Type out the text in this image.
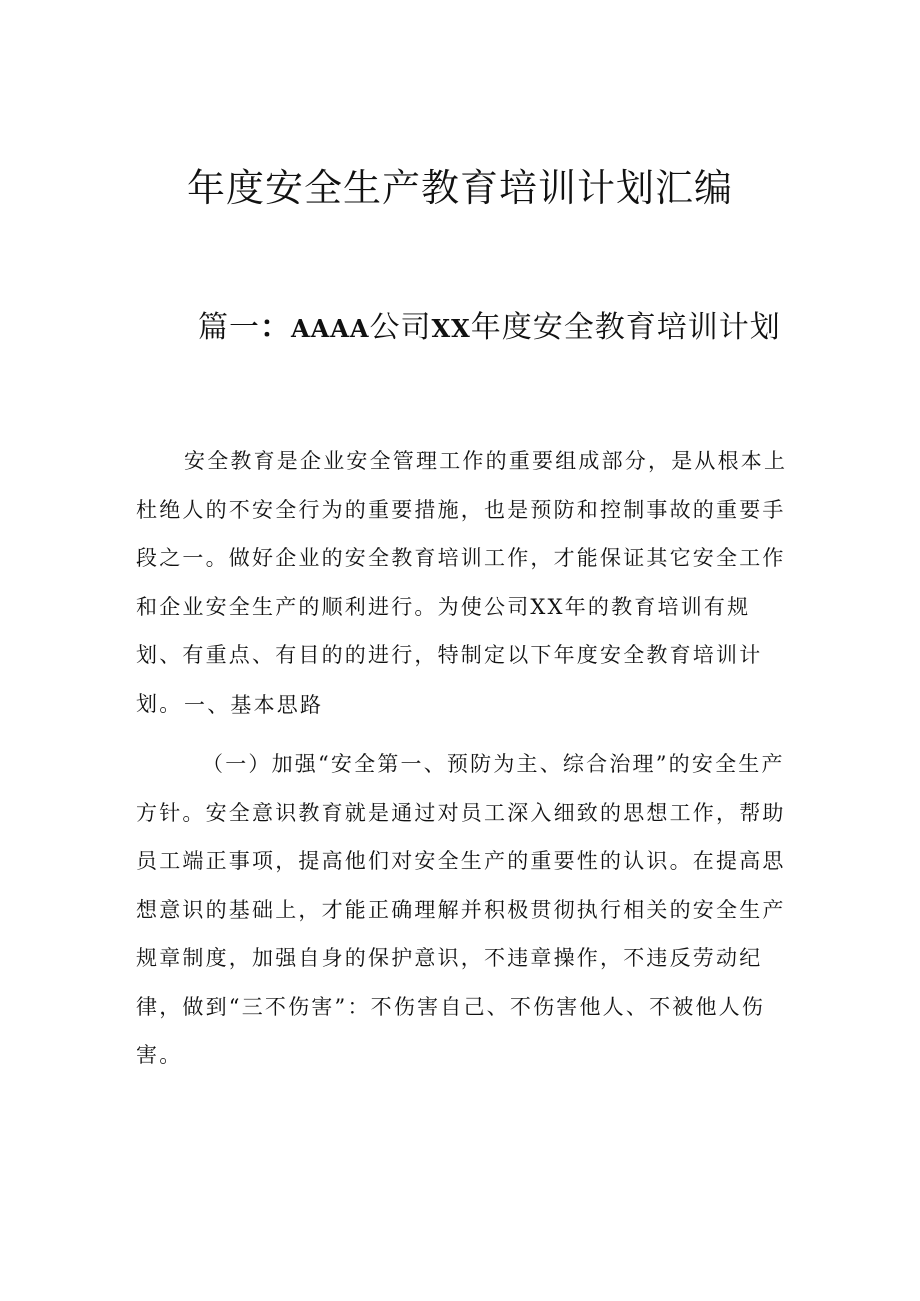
年度安全生产教育培训计划汇编
篇一：AAAA公司XX年度安全教育培训计划

安全教育是企业安全管理工作的重要组成部分，是从根本上杜绝人的不安全行为的重要措施，也是预防和控制事故的重要手段之一。做好企业的安全教育培训工作，才能保证其它安全工作和企业安全生产的顺利进行。为使公司XX年的教育培训有规划、有重点、有目的的进行，特制定以下年度安全教育培训计划。 一、基本思路

（一）加强“安全第一、预防为主、综合治理”的安全生产方针。安全意识教育就是通过对员工深入细致的思想工作，帮助员工端正事项，提高他们对安全生产的重要性的认识。在提高思想意识的基础上，才能正确理解并积极贯彻执行相关的安全生产规章制度，加强自身的保护意识，不违章操作，不违反劳动纪律，做到“三不伤害”：不伤害自己、不伤害他人、不被他人伤害。
